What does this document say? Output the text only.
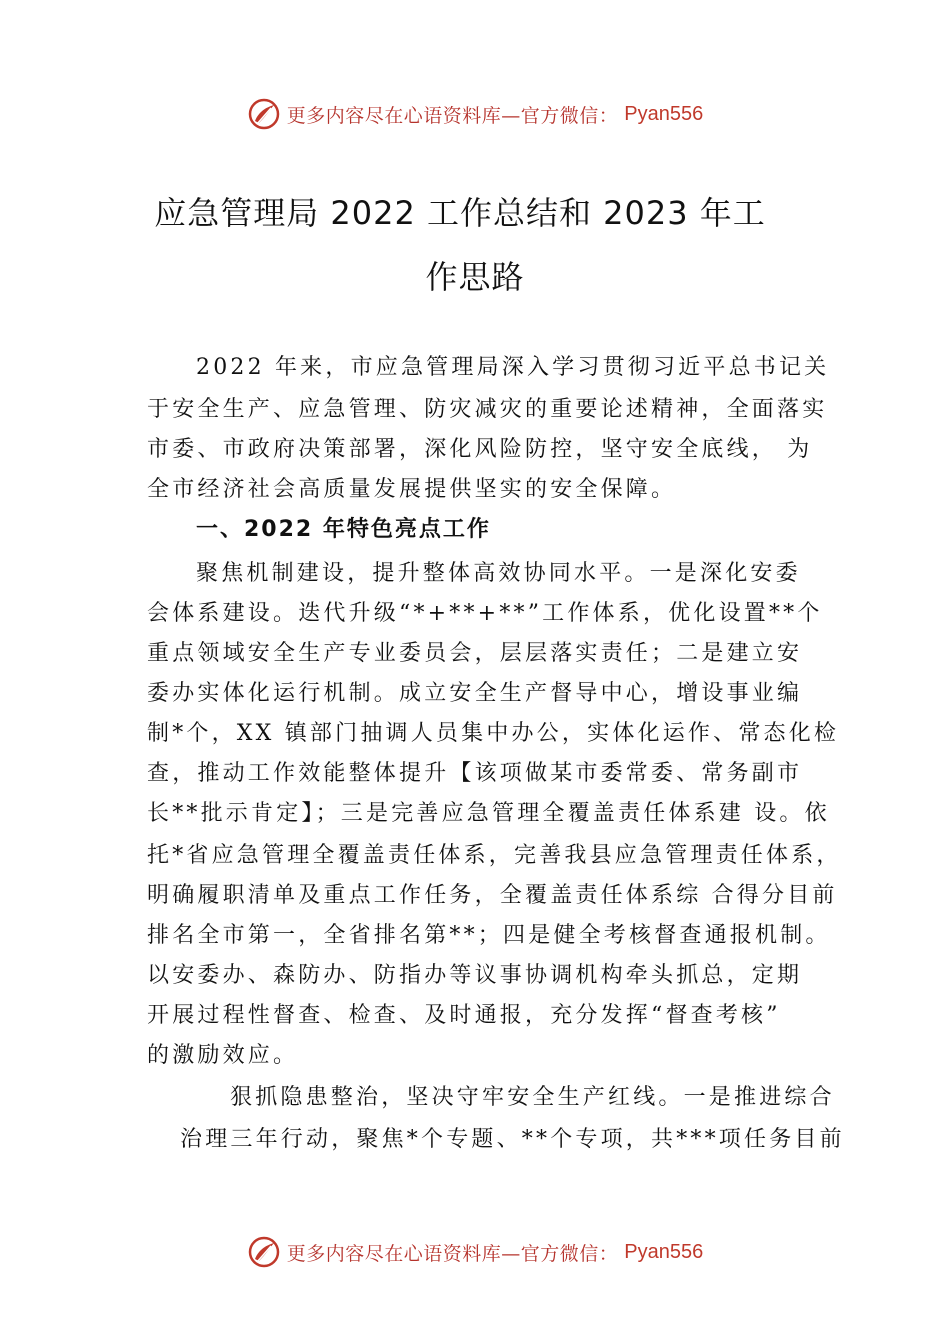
更多内容尽在心语资料库—官方微信： Pyan556
应急管理局 2022 工作总结和 2023 年工
作思路
2022 年来，市应急管理局深入学习贯彻习近平总书记关
于安全生产、应急管理、防灾减灾的重要论述精神，全面落实
市委、市政府决策部署，深化风险防控，坚守安全底线， 为
全市经济社会高质量发展提供坚实的安全保障。
一、2022 年特色亮点工作
聚焦机制建设，提升整体高效协同水平。一是深化安委
会体系建设。迭代升级“*+**+**”工作体系，优化设置**个
重点领域安全生产专业委员会，层层落实责任；二是建立安
委办实体化运行机制。成立安全生产督导中心，增设事业编
制*个，XX 镇部门抽调人员集中办公，实体化运作、常态化检
查，推动工作效能整体提升【该项做某市委常委、常务副市
长**批示肯定】；三是完善应急管理全覆盖责任体系建 设。依
托*省应急管理全覆盖责任体系，完善我县应急管理责任体系，
明确履职清单及重点工作任务，全覆盖责任体系综 合得分目前
排名全市第一，全省排名第**；四是健全考核督查通报机制。
以安委办、森防办、防指办等议事协调机构牵头抓总，定期
开展过程性督查、检查、及时通报，充分发挥“督查考核”
的激励效应。
狠抓隐患整治，坚决守牢安全生产红线。一是推进综合
治理三年行动，聚焦*个专题、**个专项，共***项任务目前
更多内容尽在心语资料库—官方微信： Pyan556
